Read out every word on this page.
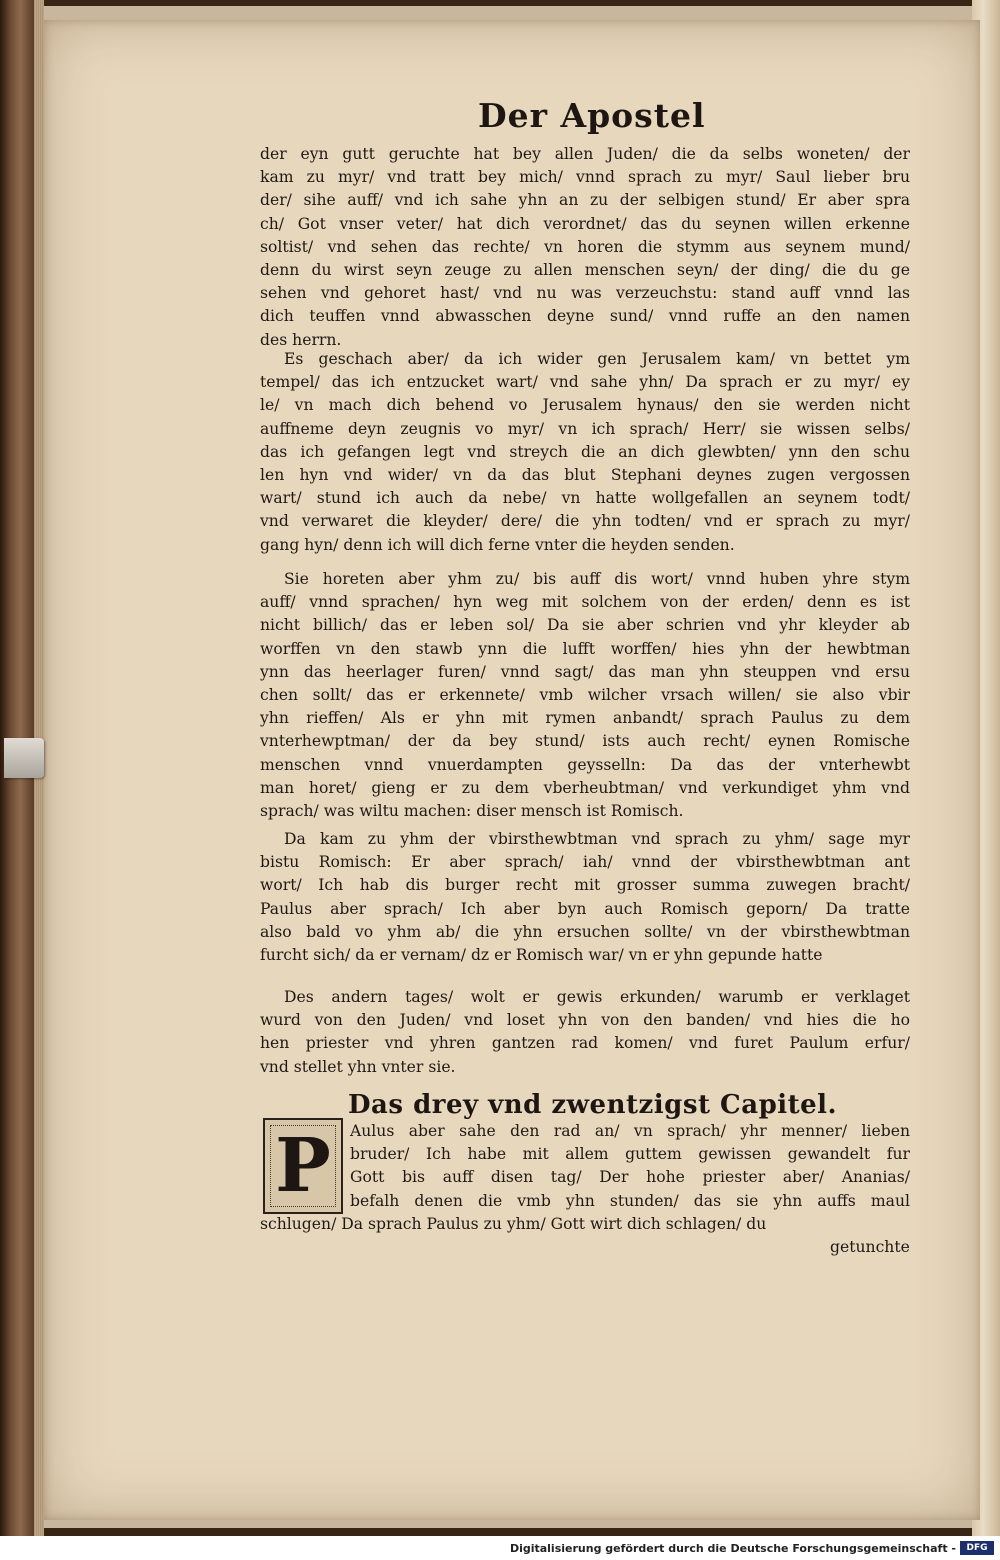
Der Apostel
der eyn gutt geruchte hat bey allen Juden/ die da selbs woneten/ der
kam zu myr/ vnd tratt bey mich/ vnnd sprach zu myr/ Saul lieber bru
der/ sihe auff/ vnd ich sahe yhn an zu der selbigen stund/ Er aber spra
ch/ Got vnser veter/ hat dich verordnet/ das du seynen willen erkenne
soltist/ vnd sehen das rechte/ vn horen die stymm aus seynem mund/
denn du wirst seyn zeuge zu allen menschen seyn/ der ding/ die du ge
sehen vnd gehoret hast/ vnd nu was verzeuchstu: stand auff vnnd las
dich teuffen vnnd abwasschen deyne sund/ vnnd ruffe an den namen
des herrn.
Es geschach aber/ da ich wider gen Jerusalem kam/ vn bettet ym
tempel/ das ich entzucket wart/ vnd sahe yhn/ Da sprach er zu myr/ ey
le/ vn mach dich behend vo Jerusalem hynaus/ den sie werden nicht
auffneme deyn zeugnis vo myr/ vn ich sprach/ Herr/ sie wissen selbs/
das ich gefangen legt vnd streych die an dich glewbten/ ynn den schu
len hyn vnd wider/ vn da das blut Stephani deynes zugen vergossen
wart/ stund ich auch da nebe/ vn hatte wollgefallen an seynem todt/
vnd verwaret die kleyder/ dere/ die yhn todten/ vnd er sprach zu myr/
gang hyn/ denn ich will dich ferne vnter die heyden senden.
Sie horeten aber yhm zu/ bis auff dis wort/ vnnd huben yhre stym
auff/ vnnd sprachen/ hyn weg mit solchem von der erden/ denn es ist
nicht billich/ das er leben sol/ Da sie aber schrien vnd yhr kleyder ab
worffen vn den stawb ynn die lufft worffen/ hies yhn der hewbtman
ynn das heerlager furen/ vnnd sagt/ das man yhn steuppen vnd ersu
chen sollt/ das er erkennete/ vmb wilcher vrsach willen/ sie also vbir
yhn rieffen/ Als er yhn mit rymen anbandt/ sprach Paulus zu dem
vnterhewptman/ der da bey stund/ ists auch recht/ eynen Romische
menschen vnnd vnuerdampten geysselln: Da das der vnterhewbt
man horet/ gieng er zu dem vberheubtman/ vnd verkundiget yhm vnd
sprach/ was wiltu machen: diser mensch ist Romisch.
Da kam zu yhm der vbirsthewbtman vnd sprach zu yhm/ sage myr
bistu Romisch: Er aber sprach/ iah/ vnnd der vbirsthewbtman ant
wort/ Ich hab dis burger recht mit grosser summa zuwegen bracht/
Paulus aber sprach/ Ich aber byn auch Romisch geporn/ Da tratte
also bald vo yhm ab/ die yhn ersuchen sollte/ vn der vbirsthewbtman
furcht sich/ da er vernam/ dz er Romisch war/ vn er yhn gepunde hatte
Des andern tages/ wolt er gewis erkunden/ warumb er verklaget
wurd von den Juden/ vnd loset yhn von den banden/ vnd hies die ho
hen priester vnd yhren gantzen rad komen/ vnd furet Paulum erfur/
vnd stellet yhn vnter sie.
Das drey vnd zwentzigst Capitel.
P	Aulus aber sahe den rad an/ vn sprach/ yhr menner/ lieben
bruder/ Ich habe mit allem guttem gewissen gewandelt fur
Gott bis auff disen tag/ Der hohe priester aber/ Ananias/
befalh denen die vmb yhn stunden/ das sie yhn auffs maul
schlugen/ Da sprach Paulus zu yhm/ Gott wirt dich schlagen/ du
getunchte
Digitalisierung gefördert durch die Deutsche Forschungsgemeinschaft -	DFG
